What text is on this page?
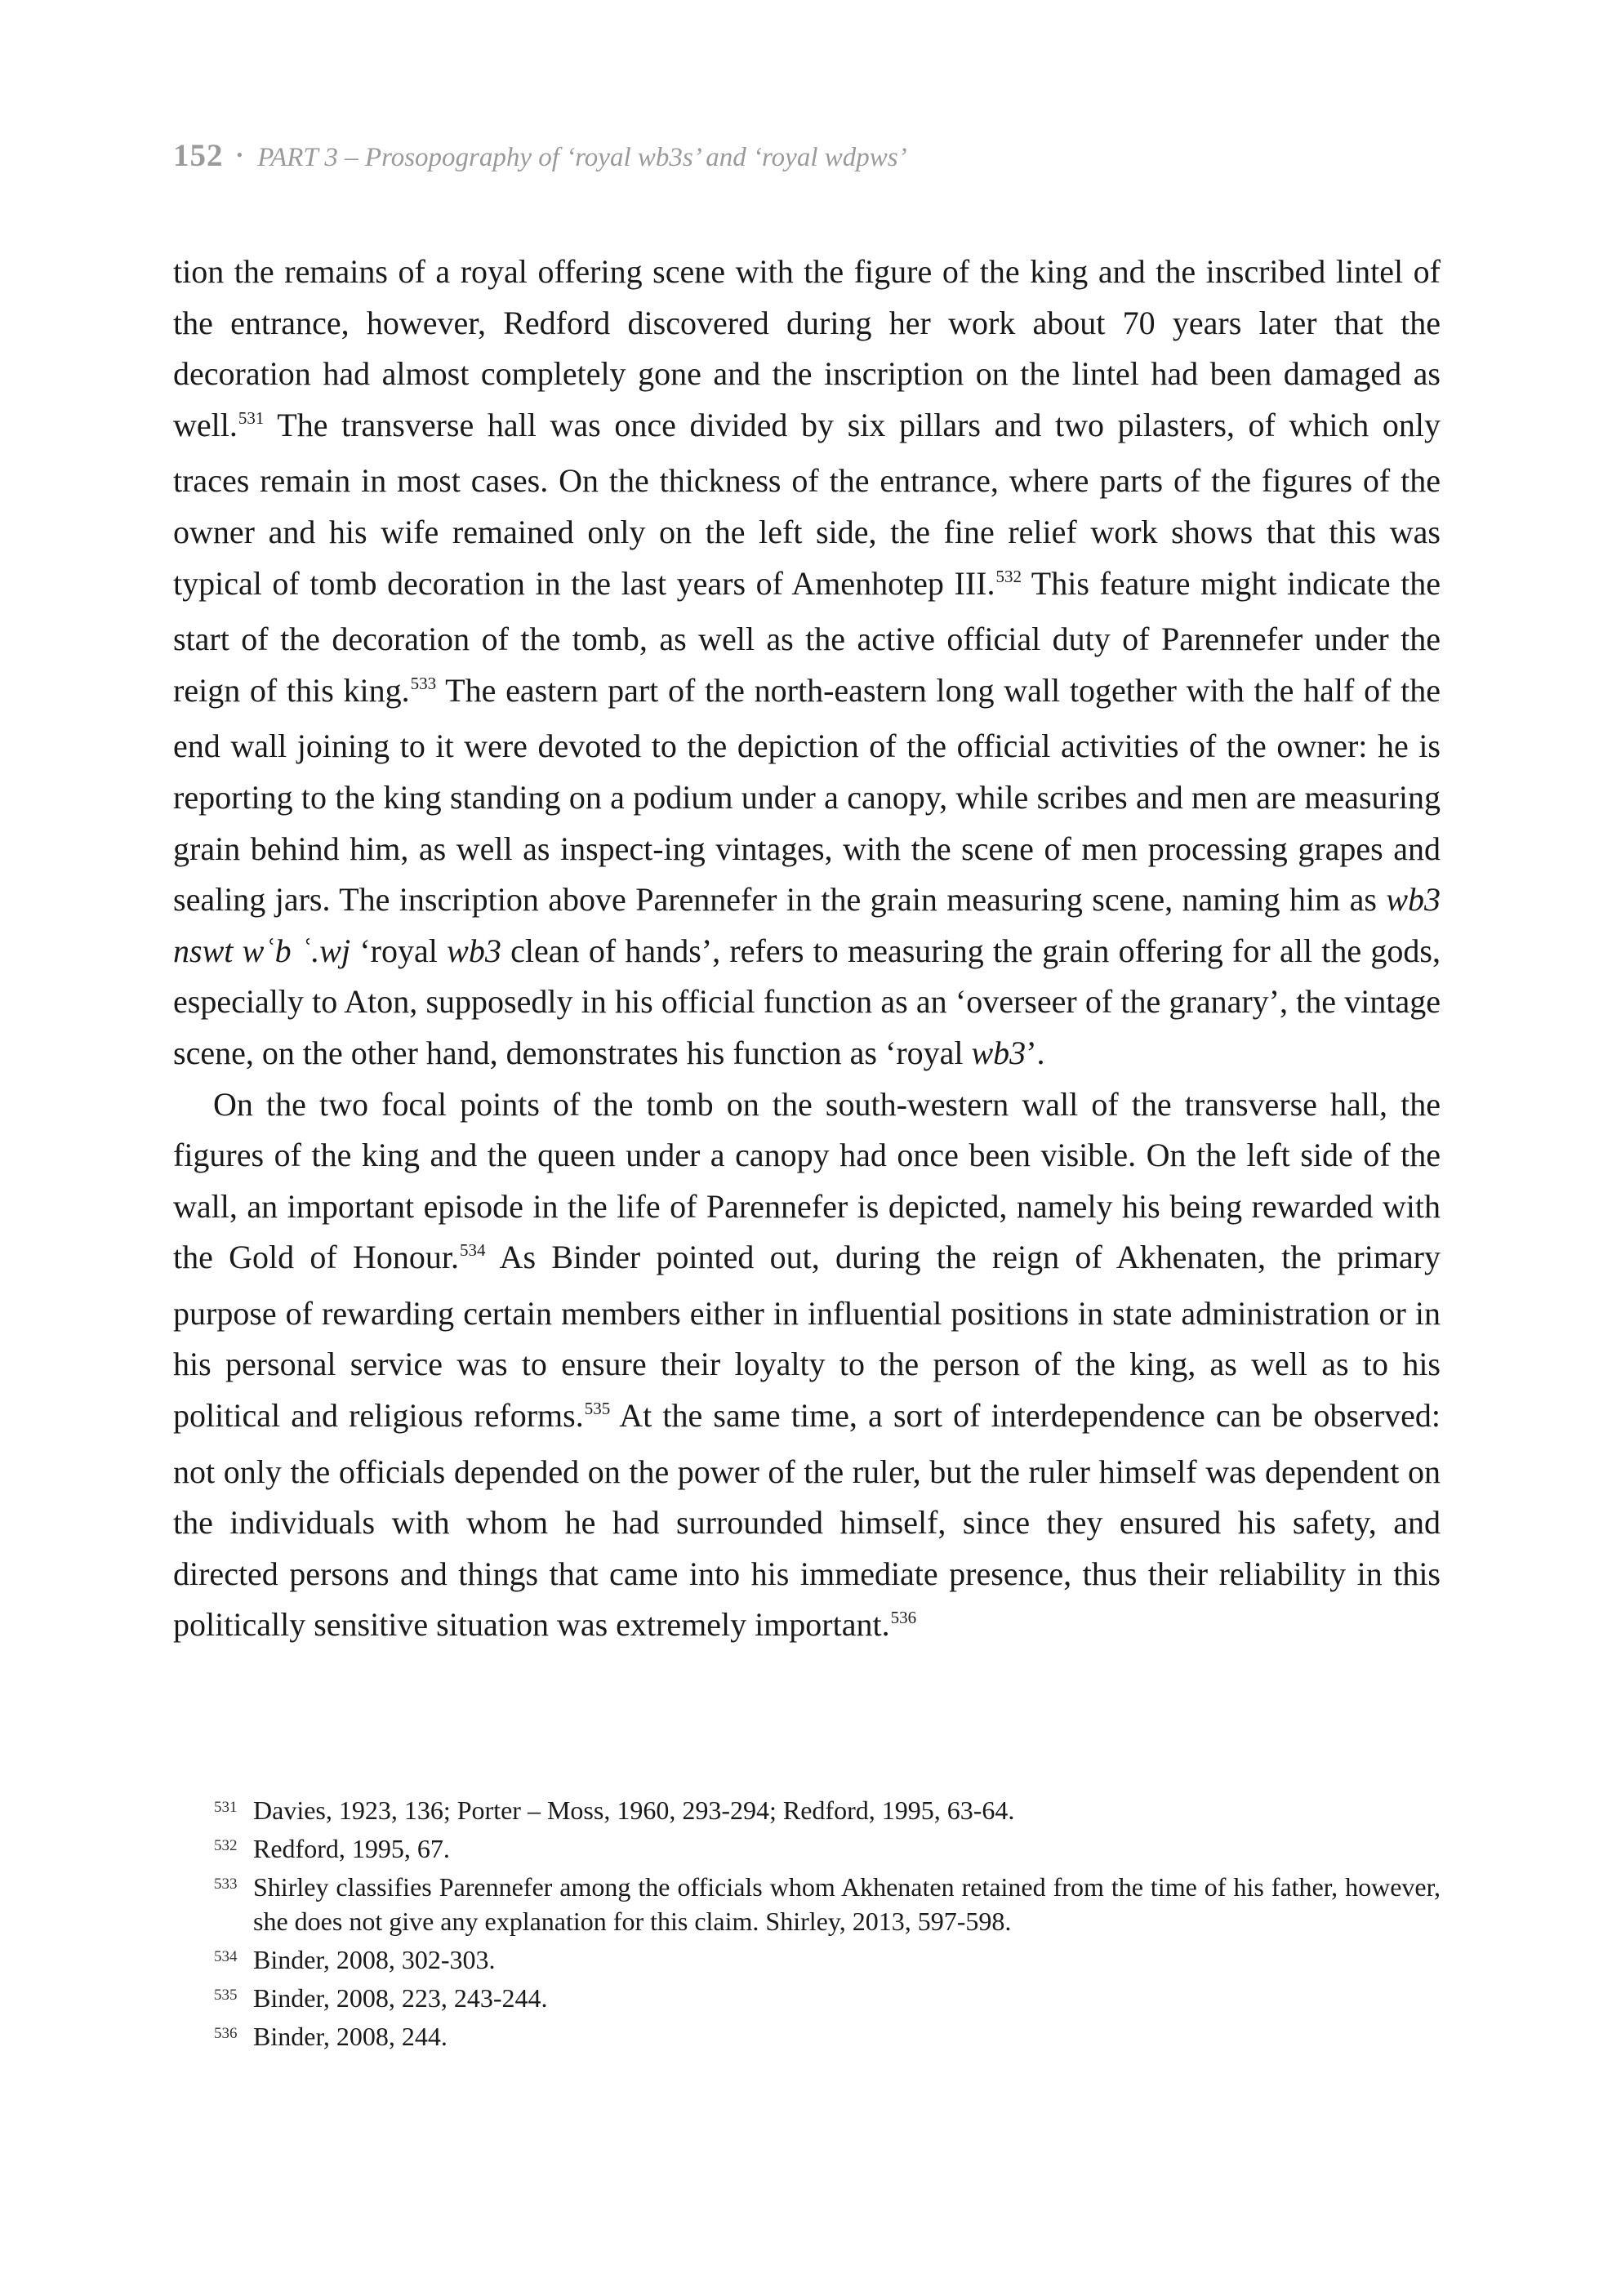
152 • PART 3 – Prosopography of ‘royal wb3s’ and ‘royal wdpws’

tion the remains of a royal offering scene with the figure of the king and the inscribed lintel of the entrance, however, Redford discovered during her work about 70 years later that the decoration had almost completely gone and the inscription on the lintel had been damaged as well.$^{531}$ The transverse hall was once divided by six pillars and two pilasters, of which only traces remain in most cases. On the thickness of the entrance, where parts of the figures of the owner and his wife remained only on the left side, the fine relief work shows that this was typical of tomb decoration in the last years of Amenhotep III.$^{532}$ This feature might indicate the start of the decoration of the tomb, as well as the active official duty of Parennefer under the reign of this king.$^{533}$ The eastern part of the north-eastern long wall together with the half of the end wall joining to it were devoted to the depiction of the official activities of the owner: he is reporting to the king standing on a podium under a canopy, while scribes and men are measuring grain behind him, as well as inspect-ing vintages, with the scene of men processing grapes and sealing jars. The inscription above Parennefer in the grain measuring scene, naming him as wb3 nswt wʿb ʿ.wj ‘royal wb3 clean of hands’, refers to measuring the grain offering for all the gods, especially to Aton, supposedly in his official function as an ‘overseer of the granary’, the vintage scene, on the other hand, demonstrates his function as ‘royal wb3’.

On the two focal points of the tomb on the south-western wall of the transverse hall, the figures of the king and the queen under a canopy had once been visible. On the left side of the wall, an important episode in the life of Parennefer is depicted, namely his being rewarded with the Gold of Honour.$^{534}$ As Binder pointed out, during the reign of Akhenaten, the primary purpose of rewarding certain members either in influential positions in state administration or in his personal service was to ensure their loyalty to the person of the king, as well as to his political and religious reforms.$^{535}$ At the same time, a sort of interdependence can be observed: not only the officials depended on the power of the ruler, but the ruler himself was dependent on the individuals with whom he had surrounded himself, since they ensured his safety, and directed persons and things that came into his immediate presence, thus their reliability in this politically sensitive situation was extremely important.$^{536}$

531 Davies, 1923, 136; Porter – Moss, 1960, 293-294; Redford, 1995, 63-64.
532 Redford, 1995, 67.
533 Shirley classifies Parennefer among the officials whom Akhenaten retained from the time of his father, however, she does not give any explanation for this claim. Shirley, 2013, 597-598.
534 Binder, 2008, 302-303.
535 Binder, 2008, 223, 243-244.
536 Binder, 2008, 244.
